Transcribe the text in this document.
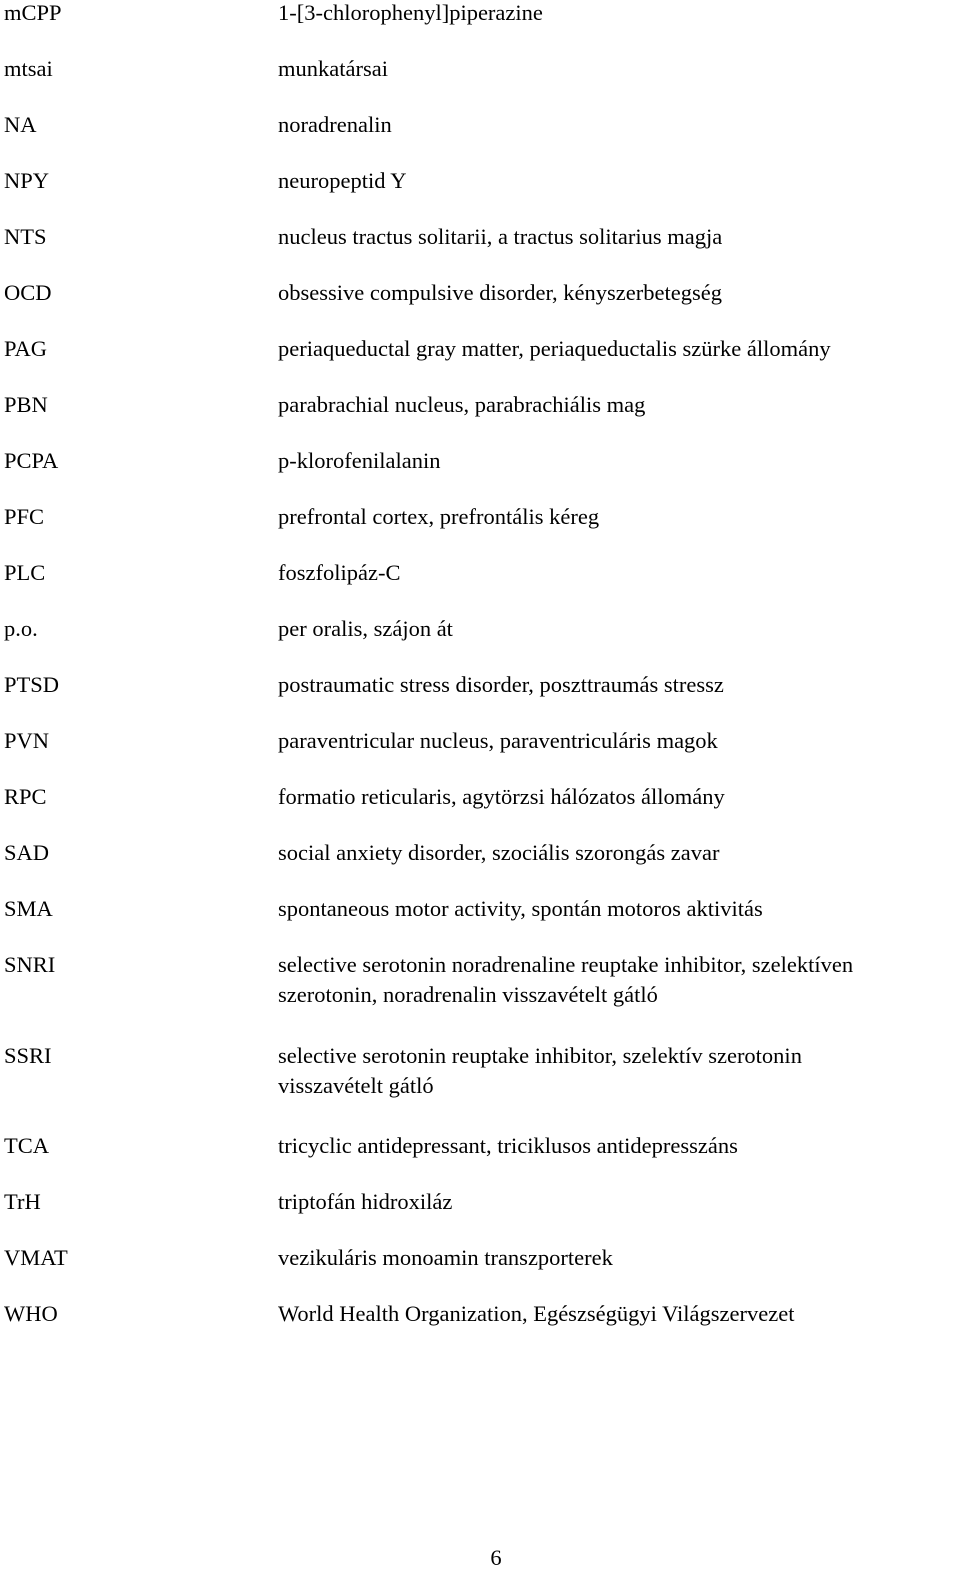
mCPP	1-[3-chlorophenyl]piperazine
mtsai	munkatársai
NA	noradrenalin
NPY	neuropeptid Y
NTS	nucleus tractus solitarii, a tractus solitarius magja
OCD	obsessive compulsive disorder, kényszerbetegség
PAG	periaqueductal gray matter, periaqueductalis szürke állomány
PBN	parabrachial nucleus, parabrachiális mag
PCPA	p-klorofenilalanin
PFC	prefrontal cortex, prefrontális kéreg
PLC	foszfolipáz-C
p.o.	per oralis, szájon át
PTSD	postraumatic stress disorder, poszttraumás stressz
PVN	paraventricular nucleus, paraventriculáris magok
RPC	formatio reticularis, agytörzsi hálózatos állomány
SAD	social anxiety disorder, szociális szorongás zavar
SMA	spontaneous motor activity, spontán motoros aktivitás
SNRI	selective serotonin noradrenaline reuptake inhibitor, szelektíven
szerotonin, noradrenalin visszavételt gátló
SSRI	selective serotonin reuptake inhibitor, szelektív szerotonin
visszavételt gátló
TCA	tricyclic antidepressant, triciklusos antidepresszáns
TrH	triptofán hidroxiláz
VMAT	vezikuláris monoamin transzporterek
WHO	World Health Organization, Egészségügyi Világszervezet
6
